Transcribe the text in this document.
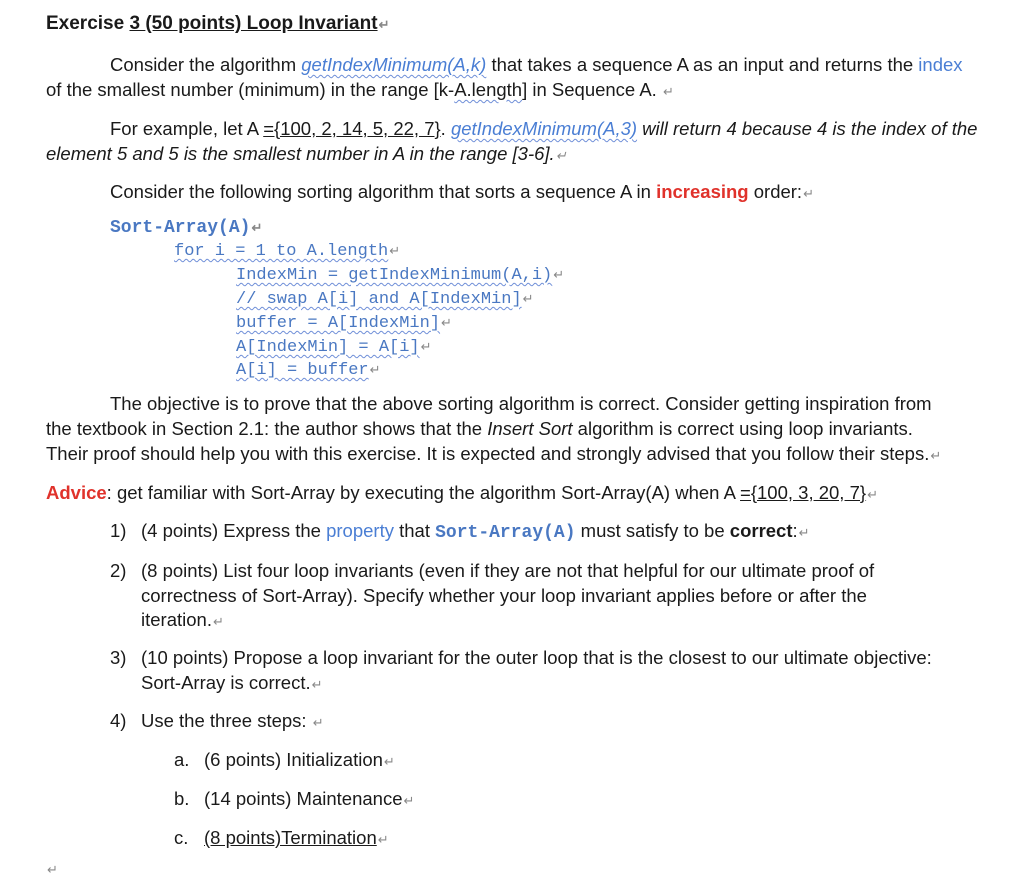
Exercise 3 (50 points) Loop Invariant↵
Consider the algorithm getIndexMinimum(A,k) that takes a sequence A as an input and returns the index
of the smallest number (minimum) in the range [k-A.length] in Sequence A. ↵
For example, let A ={100, 2, 14, 5, 22, 7}. getIndexMinimum(A,3) will return 4 because 4 is the index of the
element 5 and 5 is the smallest number in A in the range [3-6].↵
Consider the following sorting algorithm that sorts a sequence A in increasing order:↵
Sort-Array(A)↵
for i = 1 to A.length↵
IndexMin = getIndexMinimum(A,i)↵
// swap A[i] and A[IndexMin]↵
buffer = A[IndexMin]↵
A[IndexMin] = A[i]↵
A[i] = buffer↵
The objective is to prove that the above sorting algorithm is correct. Consider getting inspiration from
the textbook in Section 2.1: the author shows that the Insert Sort algorithm is correct using loop invariants.
Their proof should help you with this exercise. It is expected and strongly advised that you follow their steps.↵
Advice: get familiar with Sort-Array by executing the algorithm Sort-Array(A) when A ={100, 3, 20, 7}↵
1) (4 points) Express the property that Sort-Array(A) must satisfy to be correct:↵
2) (8 points) List four loop invariants (even if they are not that helpful for our ultimate proof of
correctness of Sort-Array). Specify whether your loop invariant applies before or after the
iteration.↵
3) (10 points) Propose a loop invariant for the outer loop that is the closest to our ultimate objective:
Sort-Array is correct.↵
4) Use the three steps: ↵
a. (6 points) Initialization↵
b. (14 points) Maintenance↵
c. (8 points)Termination↵
↵
